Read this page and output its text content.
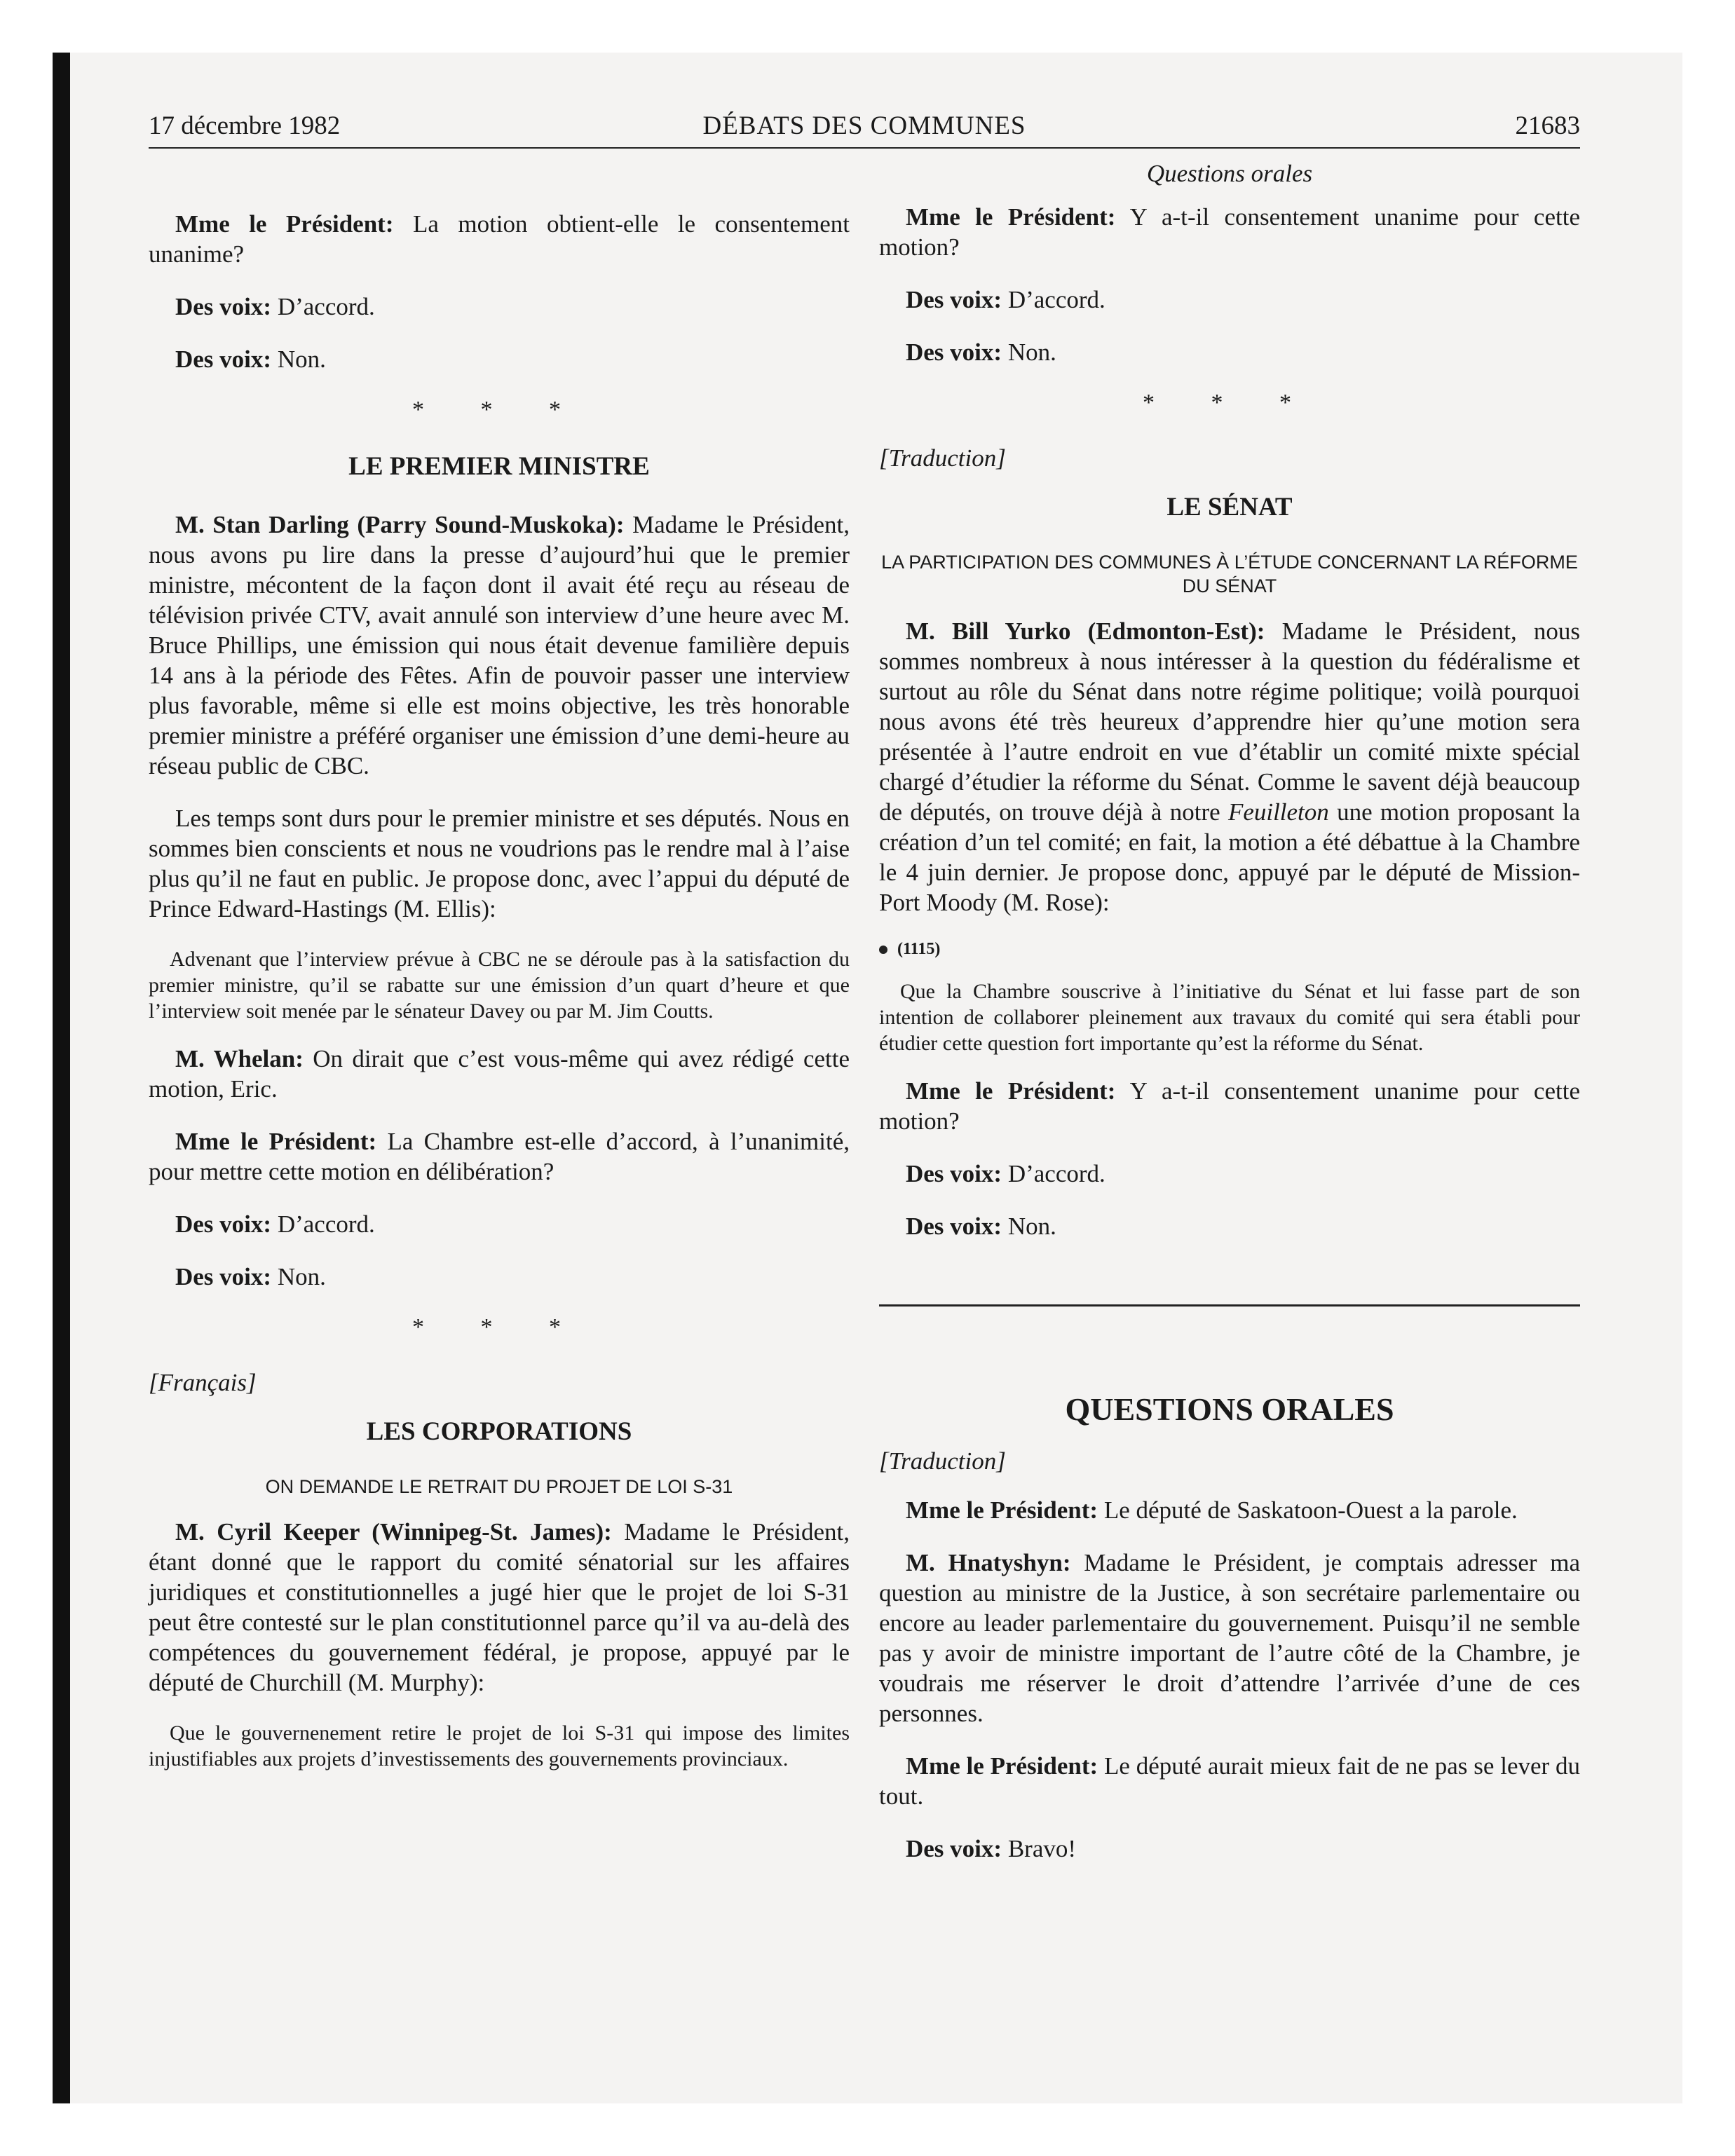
17 décembre 1982	DÉBATS DES COMMUNES	21683

Mme le Président: La motion obtient-elle le consentement unanime?

Des voix: D’accord.

Des voix: Non.

* * *
LE PREMIER MINISTRE

M. Stan Darling (Parry Sound-Muskoka): Madame le Président, nous avons pu lire dans la presse d’aujourd’hui que le premier ministre, mécontent de la façon dont il avait été reçu au réseau de télévision privée CTV, avait annulé son interview d’une heure avec M. Bruce Phillips, une émission qui nous était devenue familière depuis 14 ans à la période des Fêtes. Afin de pouvoir passer une interview plus favorable, même si elle est moins objective, les très honorable premier ministre a préféré organiser une émission d’une demi-heure au réseau public de CBC.

Les temps sont durs pour le premier ministre et ses députés. Nous en sommes bien conscients et nous ne voudrions pas le rendre mal à l’aise plus qu’il ne faut en public. Je propose donc, avec l’appui du député de Prince Edward-Hastings (M. Ellis):

Advenant que l’interview prévue à CBC ne se déroule pas à la satisfaction du premier ministre, qu’il se rabatte sur une émission d’un quart d’heure et que l’interview soit menée par le sénateur Davey ou par M. Jim Coutts.

M. Whelan: On dirait que c’est vous-même qui avez rédigé cette motion, Eric.

Mme le Président: La Chambre est-elle d’accord, à l’unanimité, pour mettre cette motion en délibération?

Des voix: D’accord.

Des voix: Non.

* * *
[Français]
LES CORPORATIONS
ON DEMANDE LE RETRAIT DU PROJET DE LOI S-31

M. Cyril Keeper (Winnipeg-St. James): Madame le Président, étant donné que le rapport du comité sénatorial sur les affaires juridiques et constitutionnelles a jugé hier que le projet de loi S-31 peut être contesté sur le plan constitutionnel parce qu’il va au-delà des compétences du gouvernement fédéral, je propose, appuyé par le député de Churchill (M. Murphy):

Que le gouvernenement retire le projet de loi S-31 qui impose des limites injustifiables aux projets d’investissements des gouvernements provinciaux.

Questions orales

Mme le Président: Y a-t-il consentement unanime pour cette motion?

Des voix: D’accord.

Des voix: Non.

* * *
[Traduction]
LE SÉNAT
LA PARTICIPATION DES COMMUNES À L’ÉTUDE CONCERNANT LA RÉFORME DU SÉNAT

M. Bill Yurko (Edmonton-Est): Madame le Président, nous sommes nombreux à nous intéresser à la question du fédéralisme et surtout au rôle du Sénat dans notre régime politique; voilà pourquoi nous avons été très heureux d’apprendre hier qu’une motion sera présentée à l’autre endroit en vue d’établir un comité mixte spécial chargé d’étudier la réforme du Sénat. Comme le savent déjà beaucoup de députés, on trouve déjà à notre Feuilleton une motion proposant la création d’un tel comité; en fait, la motion a été débattue à la Chambre le 4 juin dernier. Je propose donc, appuyé par le député de Mission-Port Moody (M. Rose):

(1115)

Que la Chambre souscrive à l’initiative du Sénat et lui fasse part de son intention de collaborer pleinement aux travaux du comité qui sera établi pour étudier cette question fort importante qu’est la réforme du Sénat.

Mme le Président: Y a-t-il consentement unanime pour cette motion?

Des voix: D’accord.

Des voix: Non.

QUESTIONS ORALES
[Traduction]

Mme le Président: Le député de Saskatoon-Ouest a la parole.

M. Hnatyshyn: Madame le Président, je comptais adresser ma question au ministre de la Justice, à son secrétaire parlementaire ou encore au leader parlementaire du gouvernement. Puisqu’il ne semble pas y avoir de ministre important de l’autre côté de la Chambre, je voudrais me réserver le droit d’attendre l’arrivée d’une de ces personnes.

Mme le Président: Le député aurait mieux fait de ne pas se lever du tout.

Des voix: Bravo!
